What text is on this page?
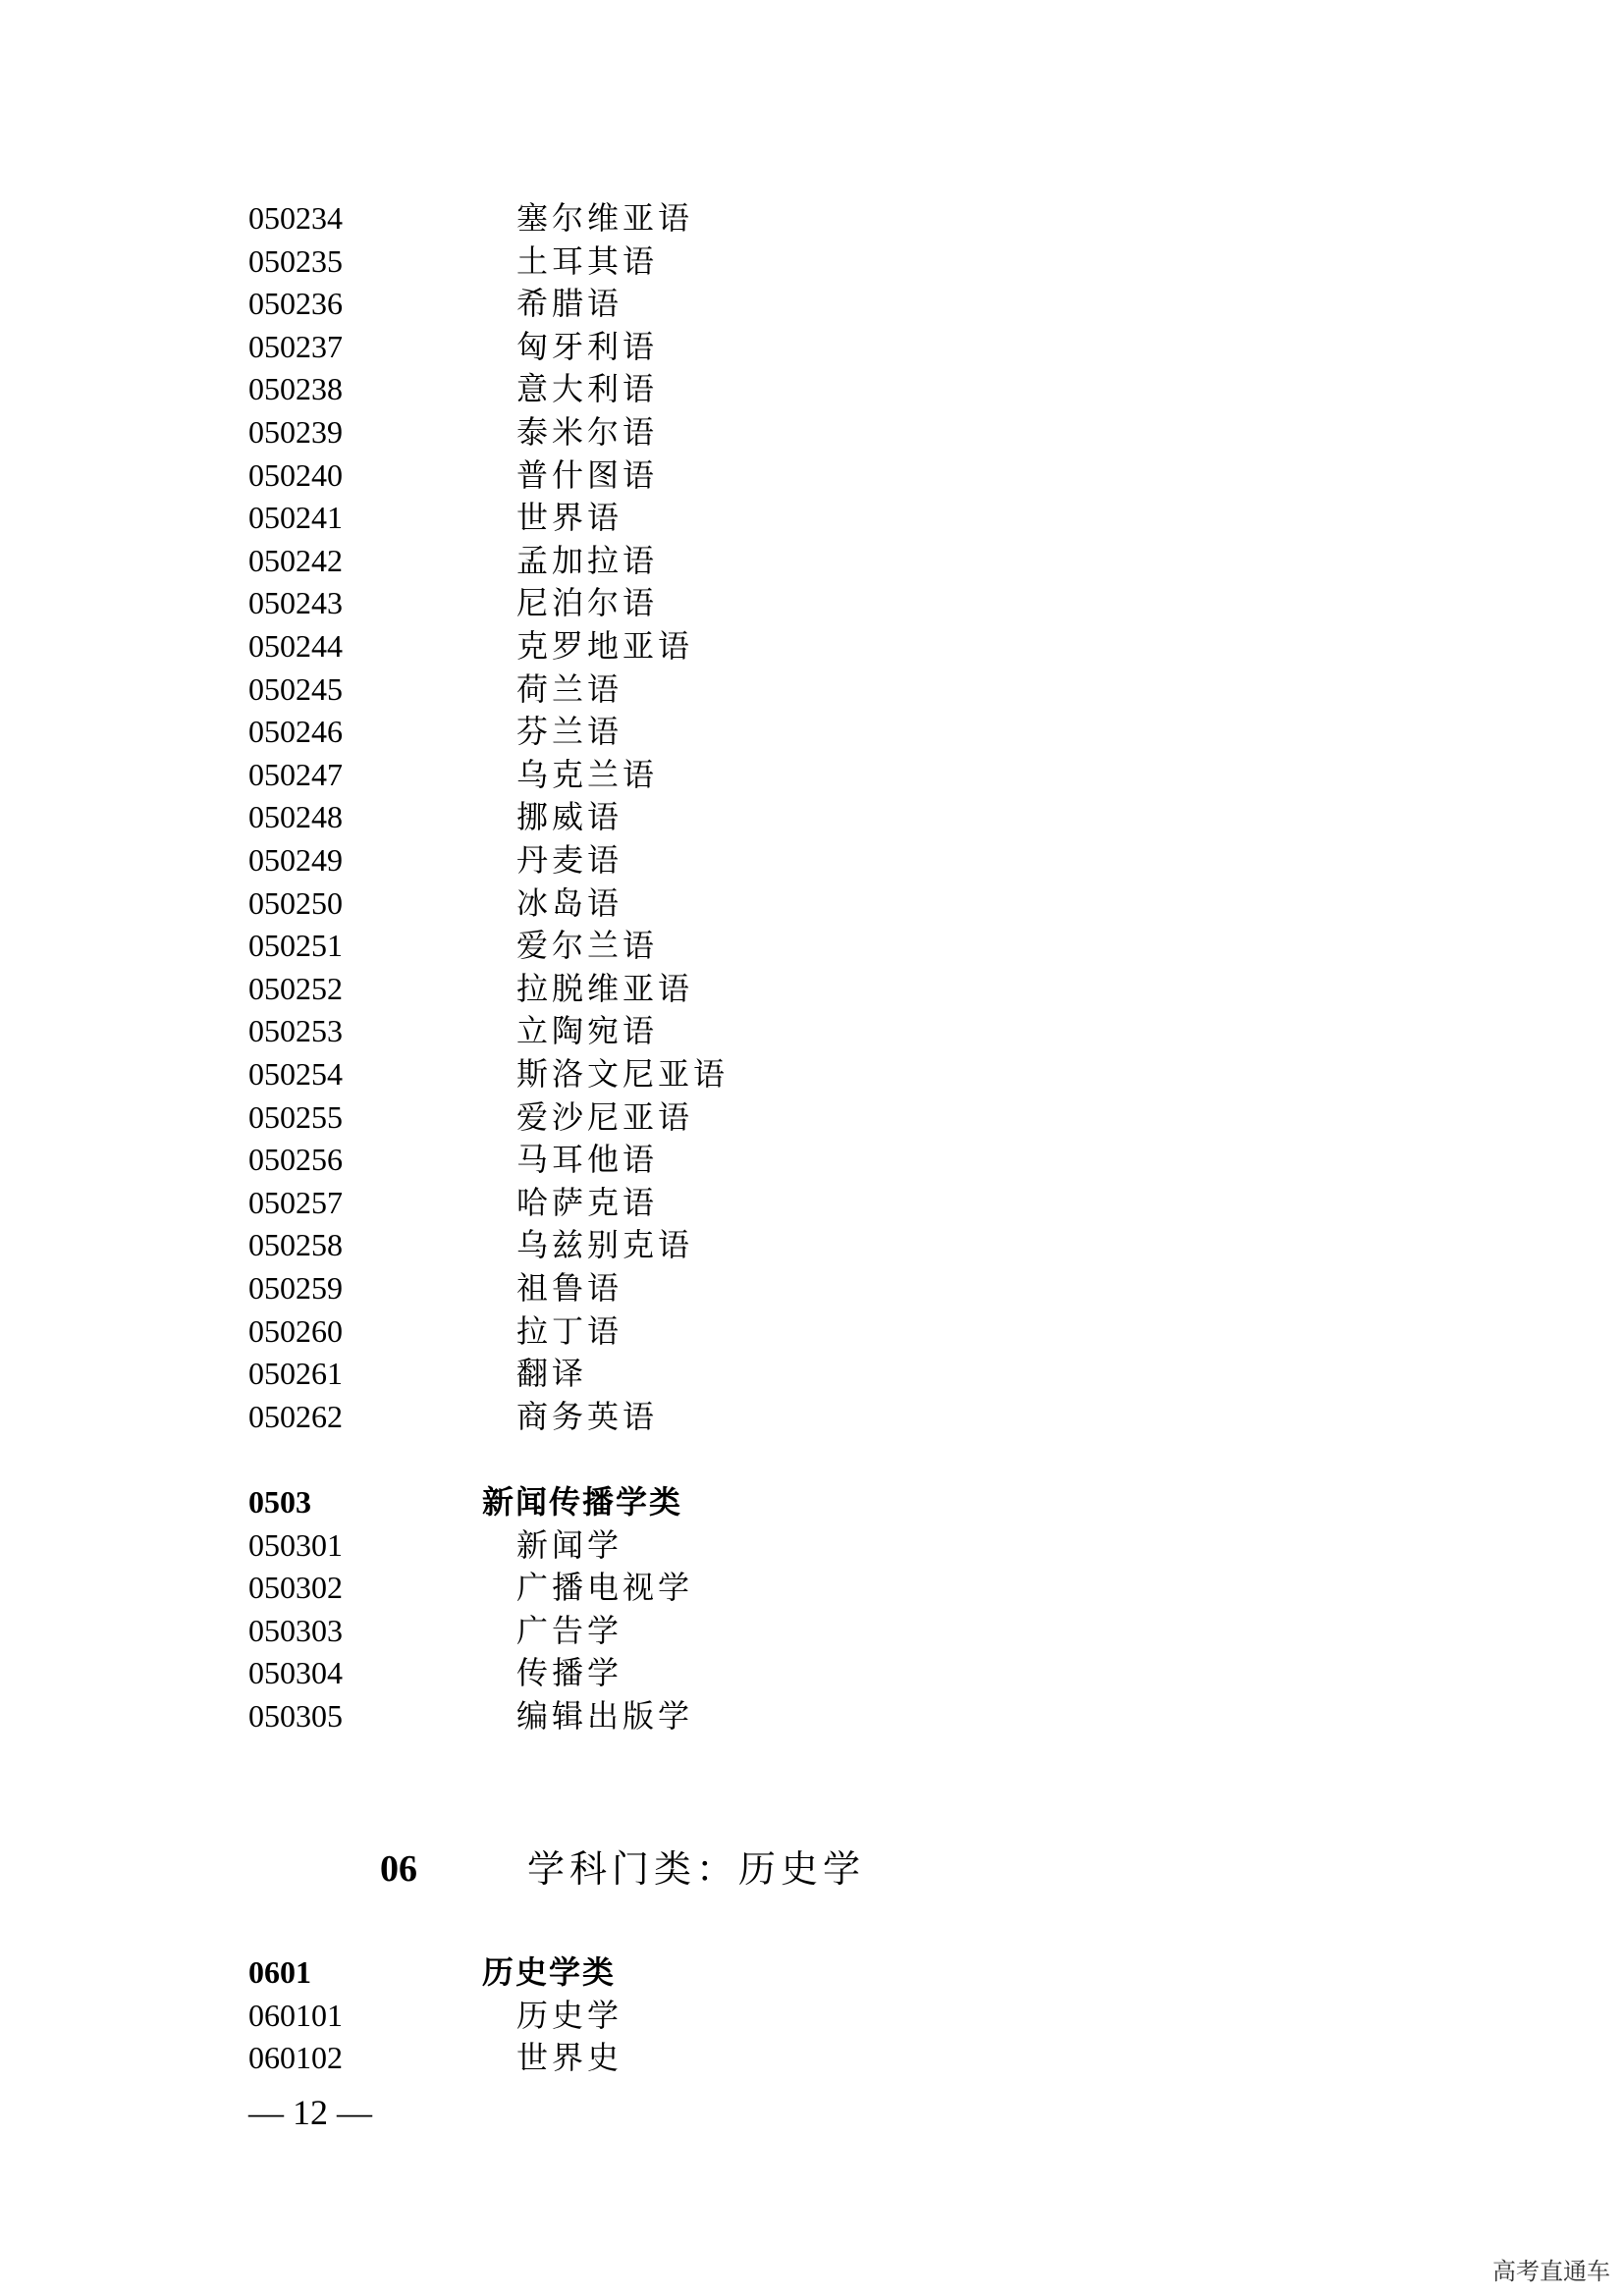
050234	塞尔维亚语
050235	土耳其语
050236	希腊语
050237	匈牙利语
050238	意大利语
050239	泰米尔语
050240	普什图语
050241	世界语
050242	孟加拉语
050243	尼泊尔语
050244	克罗地亚语
050245	荷兰语
050246	芬兰语
050247	乌克兰语
050248	挪威语
050249	丹麦语
050250	冰岛语
050251	爱尔兰语
050252	拉脱维亚语
050253	立陶宛语
050254	斯洛文尼亚语
050255	爱沙尼亚语
050256	马耳他语
050257	哈萨克语
050258	乌兹别克语
050259	祖鲁语
050260	拉丁语
050261	翻译
050262	商务英语
0503	新闻传播学类
050301	新闻学
050302	广播电视学
050303	广告学
050304	传播学
050305	编辑出版学
06	学科门类：历史学
0601	历史学类
060101	历史学
060102	世界史
— 12 —
高考直通车
